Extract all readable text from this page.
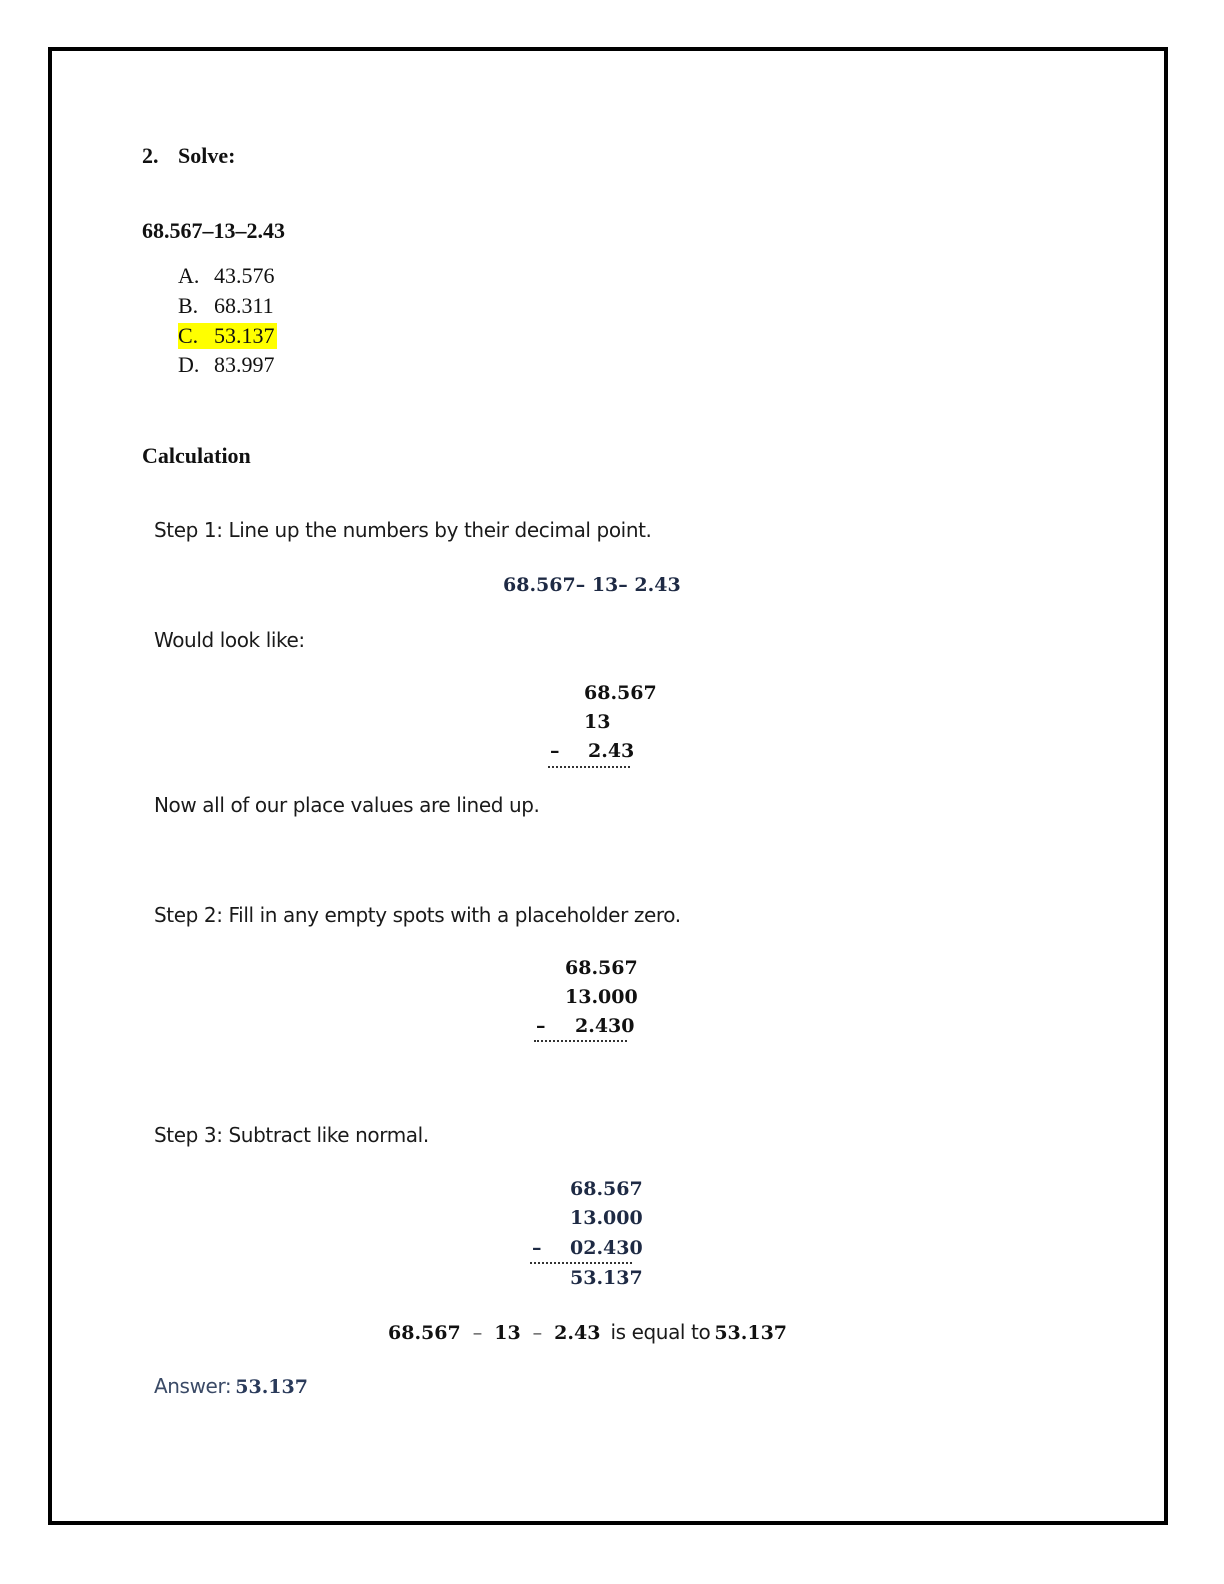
2. Solve:
68.567–13–2.43
A. 43.576
B. 68.311
C. 53.137
D. 83.997
Calculation
Step 1: Line up the numbers by their decimal point.
68.567– 13– 2.43
Would look like:
68.567
13
– 2.43
Now all of our place values are lined up.
Step 2: Fill in any empty spots with a placeholder zero.
68.567
13.000
– 2.430
Step 3: Subtract like normal.
68.567
13.000
– 02.430
53.137
68.567 – 13 – 2.43 is equal to 53.137
Answer: 53.137
